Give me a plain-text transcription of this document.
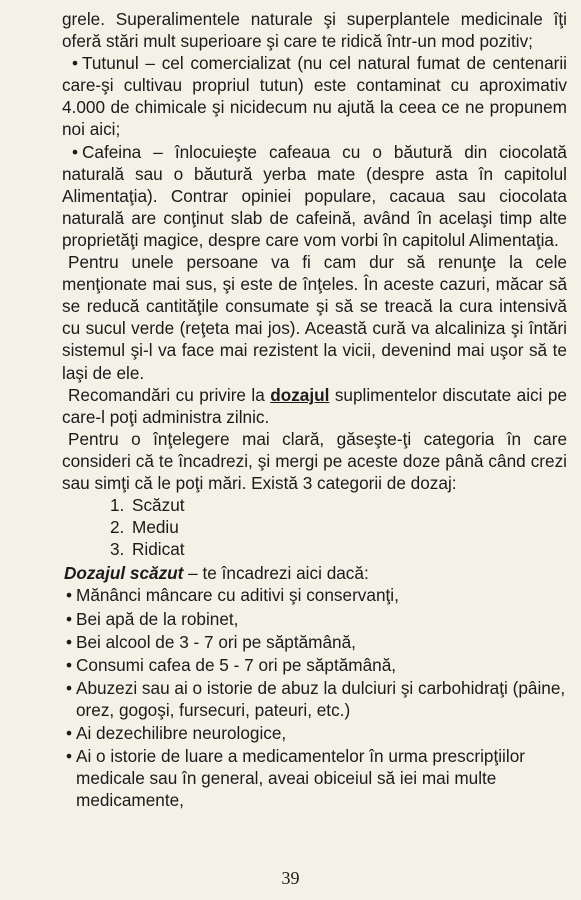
grele. Superalimentele naturale şi superplantele medicinale îţi oferă stări mult superioare şi care te ridică într-un mod pozitiv;

• Tutunul – cel comercializat (nu cel natural fumat de centenarii care-şi cultivau propriul tutun) este contaminat cu aproximativ 4.000 de chimicale şi nicidecum nu ajută la ceea ce ne propunem noi aici;

• Cafeina – înlocuieşte cafeaua cu o băutură din ciocolată naturală sau o băutură yerba mate (despre asta în capitolul Alimentaţia). Contrar opiniei populare, cacaua sau ciocolata naturală are conţinut slab de cafeină, având în acelaşi timp alte proprietăţi magice, despre care vom vorbi în capitolul Alimentaţia.

Pentru unele persoane va fi cam dur să renunţe la cele menţionate mai sus, şi este de înţeles. În aceste cazuri, măcar să se reducă cantităţile consumate şi să se treacă la cura intensivă cu sucul verde (reţeta mai jos). Această cură va alcaliniza şi întări sistemul şi-l va face mai rezistent la vicii, devenind mai uşor să te laşi de ele.

Recomandări cu privire la dozajul suplimentelor discutate aici pe care-l poţi administra zilnic.

Pentru o înţelegere mai clară, găseşte-ţi categoria în care consideri că te încadrezi, şi mergi pe aceste doze până când crezi sau simţi că le poţi mări. Există 3 categorii de dozaj:

1. Scăzut
2. Mediu
3. Ridicat

Dozajul scăzut – te încadrezi aici dacă:

• Mănânci mâncare cu aditivi şi conservanţi,

• Bei apă de la robinet,

• Bei alcool de 3 - 7 ori pe săptămână,

• Consumi cafea de 5 - 7 ori pe săptămână,

• Abuzezi sau ai o istorie de abuz la dulciuri şi carbohidraţi (pâine, orez, gogoşi, fursecuri, pateuri, etc.)

• Ai dezechilibre neurologice,

• Ai o istorie de luare a medicamentelor în urma prescripţiilor medicale sau în general, aveai obiceiul să iei mai multe medicamente,

39
